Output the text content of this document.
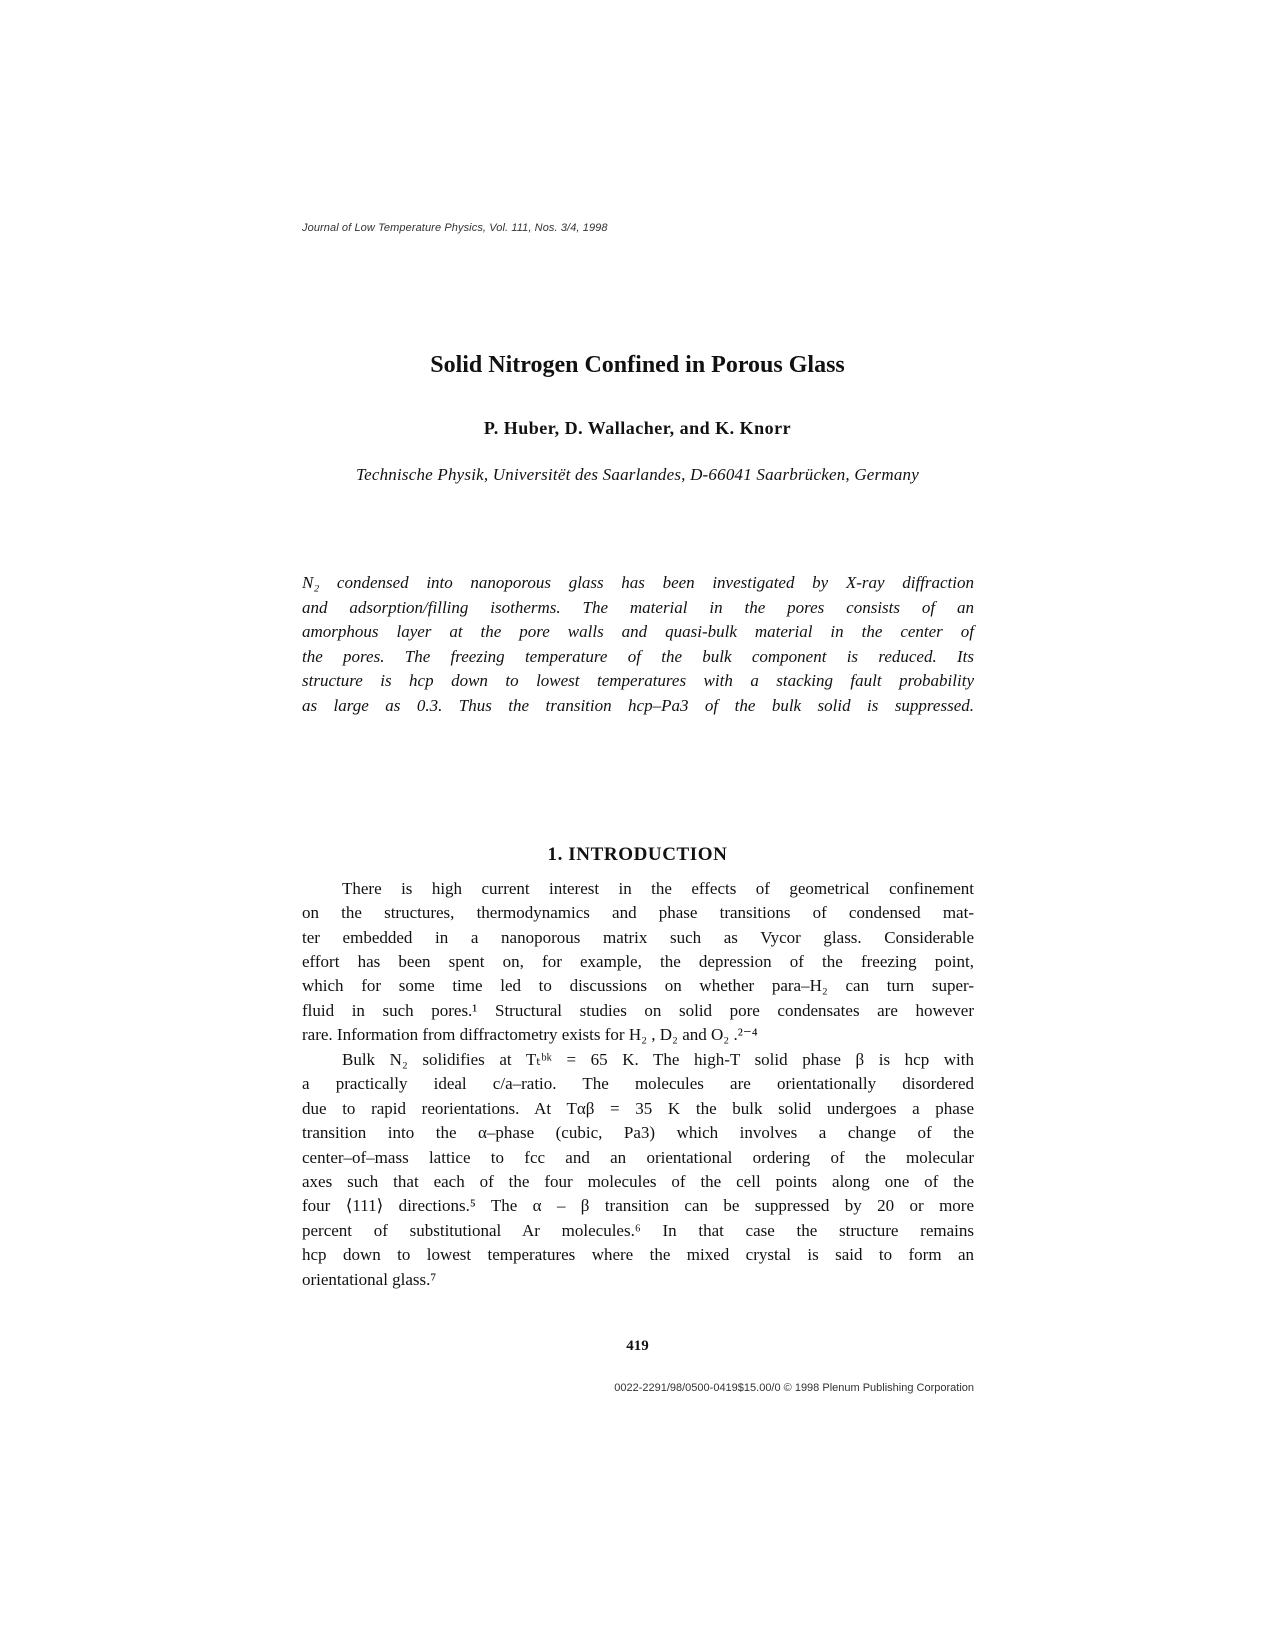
Journal of Low Temperature Physics, Vol. 111, Nos. 3/4, 1998
Solid Nitrogen Confined in Porous Glass

P. Huber, D. Wallacher, and K. Knorr

Technische Physik, Universitët des Saarlandes, D-66041 Saarbrücken, Germany

N₂ condensed into nanoporous glass has been investigated by X-ray diffraction

and adsorption/filling isotherms. The material in the pores consists of an

amorphous layer at the pore walls and quasi-bulk material in the center of

the pores. The freezing temperature of the bulk component is reduced. Its

structure is hcp down to lowest temperatures with a stacking fault probability

as large as 0.3. Thus the transition hcp–Pa3 of the bulk solid is suppressed.

1. INTRODUCTION

There is high current interest in the effects of geometrical confinement

on the structures, thermodynamics and phase transitions of condensed mat-

ter embedded in a nanoporous matrix such as Vycor glass. Considerable

effort has been spent on, for example, the depression of the freezing point,

which for some time led to discussions on whether para–H₂ can turn super-

fluid in such pores.¹ Structural studies on solid pore condensates are however

rare. Information from diffractometry exists for H₂ , D₂ and O₂ .²⁻⁴

Bulk N₂ solidifies at Tₜᵇᵏ = 65 K. The high-T solid phase β is hcp with

a practically ideal c/a–ratio. The molecules are orientationally disordered

due to rapid reorientations. At Tαβ = 35 K the bulk solid undergoes a phase

transition into the α–phase (cubic, Pa3) which involves a change of the

center–of–mass lattice to fcc and an orientational ordering of the molecular

axes such that each of the four molecules of the cell points along one of the

four ⟨111⟩ directions.⁵ The α – β transition can be suppressed by 20 or more

percent of substitutional Ar molecules.⁶ In that case the structure remains

hcp down to lowest temperatures where the mixed crystal is said to form an

orientational glass.⁷

419

0022-2291/98/0500-0419$15.00/0 © 1998 Plenum Publishing Corporation
